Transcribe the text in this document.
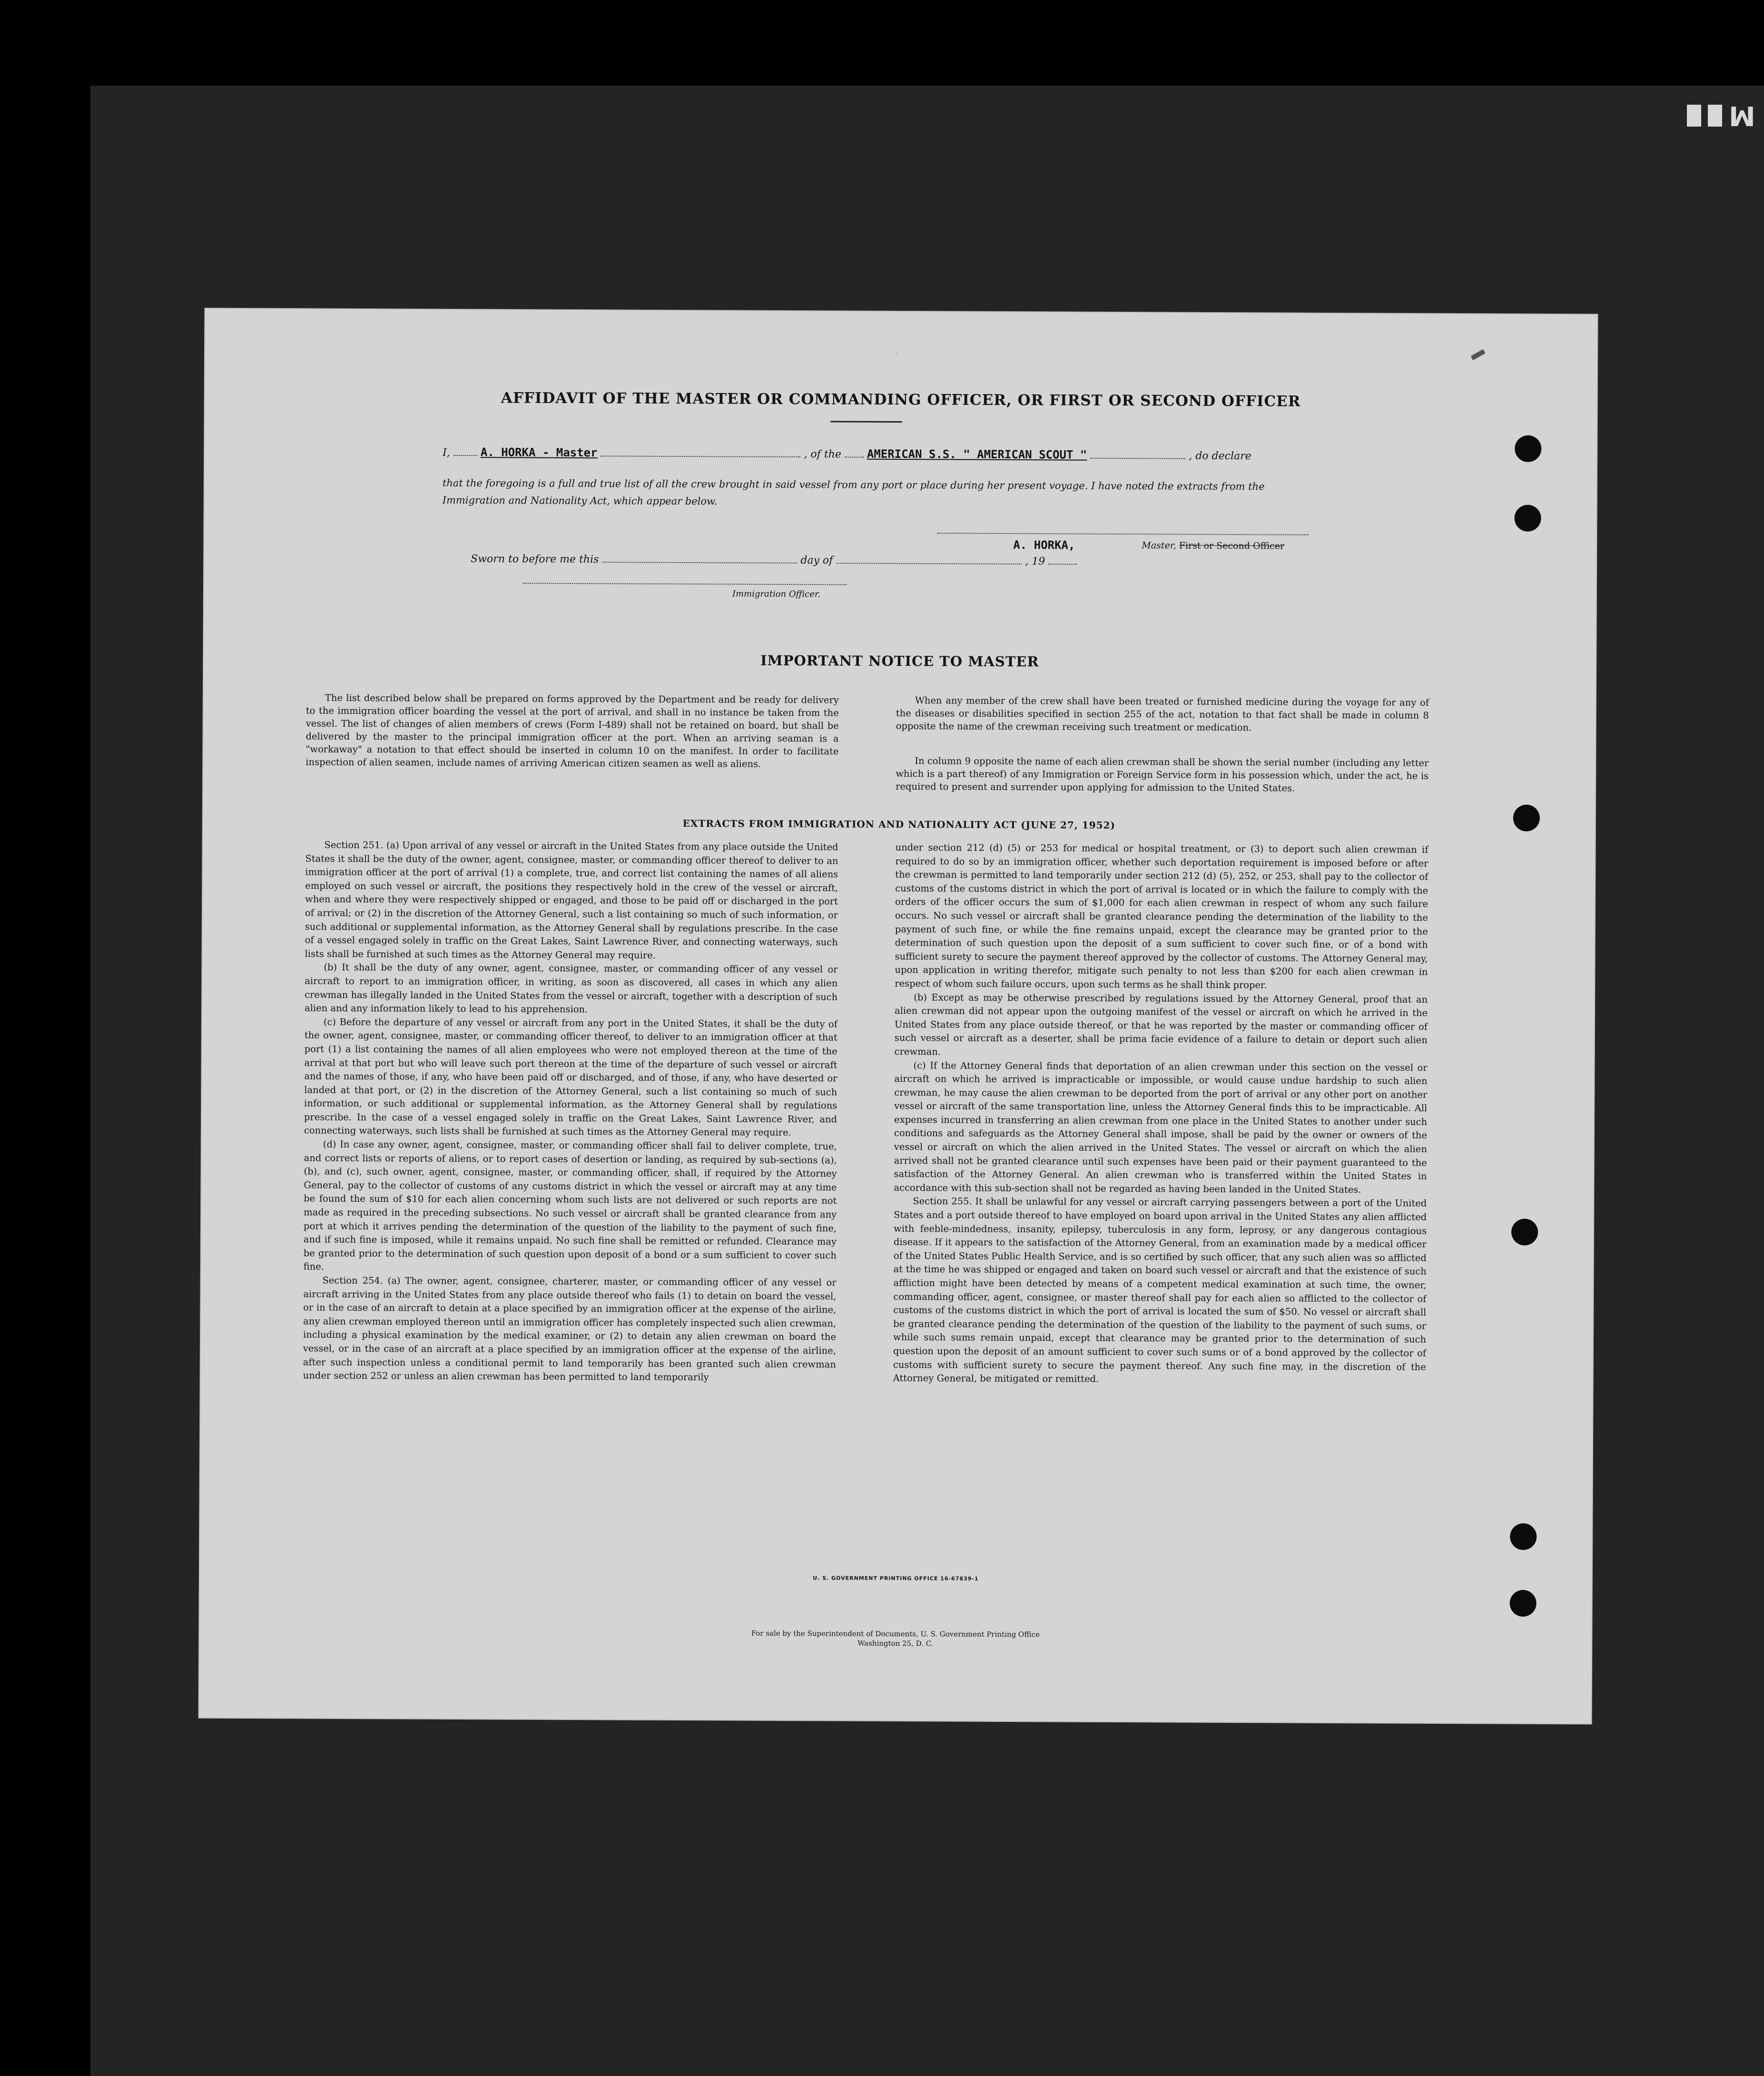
M
AFFIDAVIT OF THE MASTER OR COMMANDING OFFICER, OR FIRST OR SECOND OFFICER
I,	A. HORKA - Master	, of the AMERICAN S.S. " AMERICAN SCOUT "	, do declare

that the foregoing is a full and true list of all the crew brought in said vessel from any port or place during her present voyage. I have noted the extracts from the Immigration and Nationality Act, which appear below.

A. HORKA,	Master, First or Second Officer
Sworn to before me this	day of	, 19
Immigration Officer.
IMPORTANT NOTICE TO MASTER

The list described below shall be prepared on forms approved by the Department and be ready for delivery to the immigration officer boarding the vessel at the port of arrival, and shall in no instance be taken from the vessel. The list of changes of alien members of crews (Form I-489) shall not be retained on board, but shall be delivered by the master to the principal immigration officer at the port. When an arriving seaman is a "workaway" a notation to that effect should be inserted in column 10 on the manifest. In order to facilitate inspection of alien seamen, include names of arriving American citizen seamen as well as aliens.

When any member of the crew shall have been treated or furnished medicine during the voyage for any of the diseases or disabilities specified in section 255 of the act, notation to that fact shall be made in column 8 opposite the name of the crewman receiving such treatment or medication.

In column 9 opposite the name of each alien crewman shall be shown the serial number (including any letter which is a part thereof) of any Immigration or Foreign Service form in his possession which, under the act, he is required to present and surrender upon applying for admission to the United States.

EXTRACTS FROM IMMIGRATION AND NATIONALITY ACT (JUNE 27, 1952)

Section 251. (a) Upon arrival of any vessel or aircraft in the United States from any place outside the United States it shall be the duty of the owner, agent, consignee, master, or commanding officer thereof to deliver to an immigration officer at the port of arrival (1) a complete, true, and correct list containing the names of all aliens employed on such vessel or aircraft, the positions they respectively hold in the crew of the vessel or aircraft, when and where they were respectively shipped or engaged, and those to be paid off or discharged in the port of arrival; or (2) in the discretion of the Attorney General, such a list containing so much of such information, or such additional or supplemental information, as the Attorney General shall by regulations prescribe. In the case of a vessel engaged solely in traffic on the Great Lakes, Saint Lawrence River, and connecting waterways, such lists shall be furnished at such times as the Attorney General may require.

(b) It shall be the duty of any owner, agent, consignee, master, or commanding officer of any vessel or aircraft to report to an immigration officer, in writing, as soon as discovered, all cases in which any alien crewman has illegally landed in the United States from the vessel or aircraft, together with a description of such alien and any information likely to lead to his apprehension.

(c) Before the departure of any vessel or aircraft from any port in the United States, it shall be the duty of the owner, agent, consignee, master, or commanding officer thereof, to deliver to an immigration officer at that port (1) a list containing the names of all alien employees who were not employed thereon at the time of the arrival at that port but who will leave such port thereon at the time of the departure of such vessel or aircraft and the names of those, if any, who have been paid off or discharged, and of those, if any, who have deserted or landed at that port, or (2) in the discretion of the Attorney General, such a list containing so much of such information, or such additional or supplemental information, as the Attorney General shall by regulations prescribe. In the case of a vessel engaged solely in traffic on the Great Lakes, Saint Lawrence River, and connecting waterways, such lists shall be furnished at such times as the Attorney General may require.

(d) In case any owner, agent, consignee, master, or commanding officer shall fail to deliver complete, true, and correct lists or reports of aliens, or to report cases of desertion or landing, as required by sub-sections (a), (b), and (c), such owner, agent, consignee, master, or commanding officer, shall, if required by the Attorney General, pay to the collector of customs of any customs district in which the vessel or aircraft may at any time be found the sum of $10 for each alien concerning whom such lists are not delivered or such reports are not made as required in the preceding subsections. No such vessel or aircraft shall be granted clearance from any port at which it arrives pending the determination of the question of the liability to the payment of such fine, and if such fine is imposed, while it remains unpaid. No such fine shall be remitted or refunded. Clearance may be granted prior to the determination of such question upon deposit of a bond or a sum sufficient to cover such fine.

Section 254. (a) The owner, agent, consignee, charterer, master, or commanding officer of any vessel or aircraft arriving in the United States from any place outside thereof who fails (1) to detain on board the vessel, or in the case of an aircraft to detain at a place specified by an immigration officer at the expense of the airline, any alien crewman employed thereon until an immigration officer has completely inspected such alien crewman, including a physical examination by the medical examiner, or (2) to detain any alien crewman on board the vessel, or in the case of an aircraft at a place specified by an immigration officer at the expense of the airline, after such inspection unless a conditional permit to land temporarily has been granted such alien crewman under section 252 or unless an alien crewman has been permitted to land temporarily

under section 212 (d) (5) or 253 for medical or hospital treatment, or (3) to deport such alien crewman if required to do so by an immigration officer, whether such deportation requirement is imposed before or after the crewman is permitted to land temporarily under section 212 (d) (5), 252, or 253, shall pay to the collector of customs of the customs district in which the port of arrival is located or in which the failure to comply with the orders of the officer occurs the sum of $1,000 for each alien crewman in respect of whom any such failure occurs. No such vessel or aircraft shall be granted clearance pending the determination of the liability to the payment of such fine, or while the fine remains unpaid, except the clearance may be granted prior to the determination of such question upon the deposit of a sum sufficient to cover such fine, or of a bond with sufficient surety to secure the payment thereof approved by the collector of customs. The Attorney General may, upon application in writing therefor, mitigate such penalty to not less than $200 for each alien crewman in respect of whom such failure occurs, upon such terms as he shall think proper.

(b) Except as may be otherwise prescribed by regulations issued by the Attorney General, proof that an alien crewman did not appear upon the outgoing manifest of the vessel or aircraft on which he arrived in the United States from any place outside thereof, or that he was reported by the master or commanding officer of such vessel or aircraft as a deserter, shall be prima facie evidence of a failure to detain or deport such alien crewman.

(c) If the Attorney General finds that deportation of an alien crewman under this section on the vessel or aircraft on which he arrived is impracticable or impossible, or would cause undue hardship to such alien crewman, he may cause the alien crewman to be deported from the port of arrival or any other port on another vessel or aircraft of the same transportation line, unless the Attorney General finds this to be impracticable. All expenses incurred in transferring an alien crewman from one place in the United States to another under such conditions and safeguards as the Attorney General shall impose, shall be paid by the owner or owners of the vessel or aircraft on which the alien arrived in the United States. The vessel or aircraft on which the alien arrived shall not be granted clearance until such expenses have been paid or their payment guaranteed to the satisfaction of the Attorney General. An alien crewman who is transferred within the United States in accordance with this sub-section shall not be regarded as having been landed in the United States.

Section 255. It shall be unlawful for any vessel or aircraft carrying passengers between a port of the United States and a port outside thereof to have employed on board upon arrival in the United States any alien afflicted with feeble-mindedness, insanity, epilepsy, tuberculosis in any form, leprosy, or any dangerous contagious disease. If it appears to the satisfaction of the Attorney General, from an examination made by a medical officer of the United States Public Health Service, and is so certified by such officer, that any such alien was so afflicted at the time he was shipped or engaged and taken on board such vessel or aircraft and that the existence of such affliction might have been detected by means of a competent medical examination at such time, the owner, commanding officer, agent, consignee, or master thereof shall pay for each alien so afflicted to the collector of customs of the customs district in which the port of arrival is located the sum of $50. No vessel or aircraft shall be granted clearance pending the determination of the question of the liability to the payment of such sums, or while such sums remain unpaid, except that clearance may be granted prior to the determination of such question upon the deposit of an amount sufficient to cover such sums or of a bond approved by the collector of customs with sufficient surety to secure the payment thereof. Any such fine may, in the discretion of the Attorney General, be mitigated or remitted.

U. S. GOVERNMENT PRINTING OFFICE 16-67839-1
For sale by the Superintendent of Documents, U. S. Government Printing Office
Washington 25, D. C.
